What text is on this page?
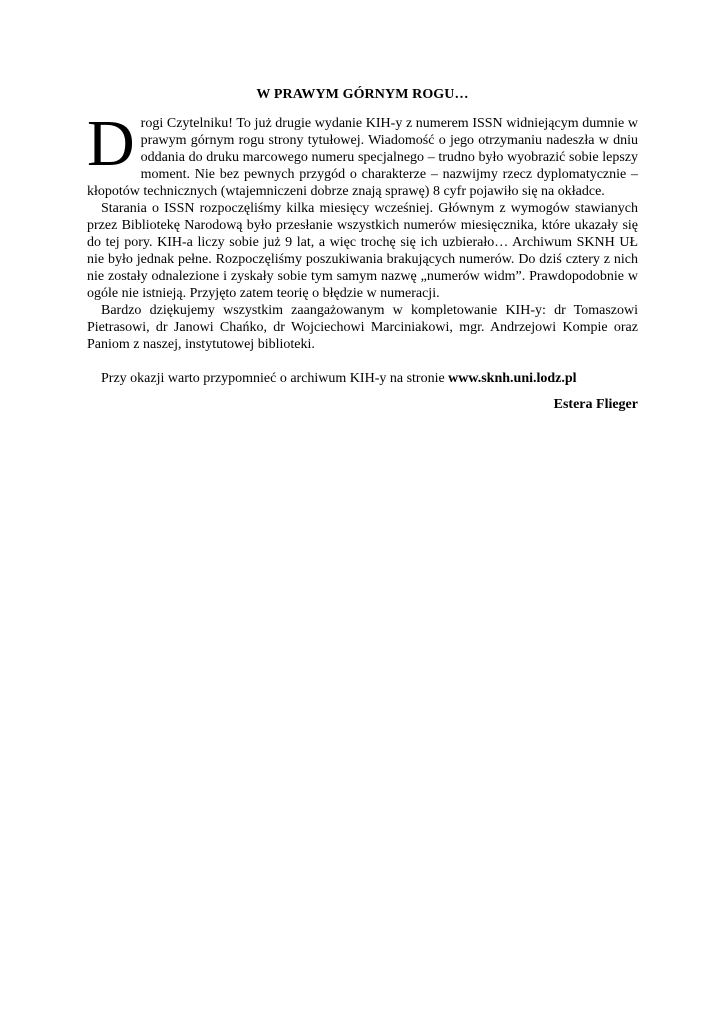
W PRAWYM GÓRNYM ROGU…

Drogi Czytelniku! To już drugie wydanie KIH-y z numerem ISSN widniejącym dumnie w prawym górnym rogu strony tytułowej. Wiadomość o jego otrzymaniu nadeszła w dniu oddania do druku marcowego numeru specjalnego – trudno było wyobrazić sobie lepszy moment. Nie bez pewnych przygód o charakterze – nazwijmy rzecz dyplomatycznie – kłopotów technicznych (wtajemniczeni dobrze znają sprawę) 8 cyfr pojawiło się na okładce.

Starania o ISSN rozpoczęliśmy kilka miesięcy wcześniej. Głównym z wymogów stawianych przez Bibliotekę Narodową było przesłanie wszystkich numerów miesięcznika, które ukazały się do tej pory. KIH-a liczy sobie już 9 lat, a więc trochę się ich uzbierało… Archiwum SKNH UŁ nie było jednak pełne. Rozpoczęliśmy poszukiwania brakujących numerów. Do dziś cztery z nich nie zostały odnalezione i zyskały sobie tym samym nazwę „numerów widm”. Prawdopodobnie w ogóle nie istnieją. Przyjęto zatem teorię o błędzie w numeracji.

Bardzo dziękujemy wszystkim zaangażowanym w kompletowanie KIH-y: dr Tomaszowi Pietrasowi, dr Janowi Chańko, dr Wojciechowi Marciniakowi, mgr. Andrzejowi Kompie oraz Paniom z naszej, instytutowej biblioteki.

Przy okazji warto przypomnieć o archiwum KIH-y na stronie www.sknh.uni.lodz.pl

Estera Flieger
